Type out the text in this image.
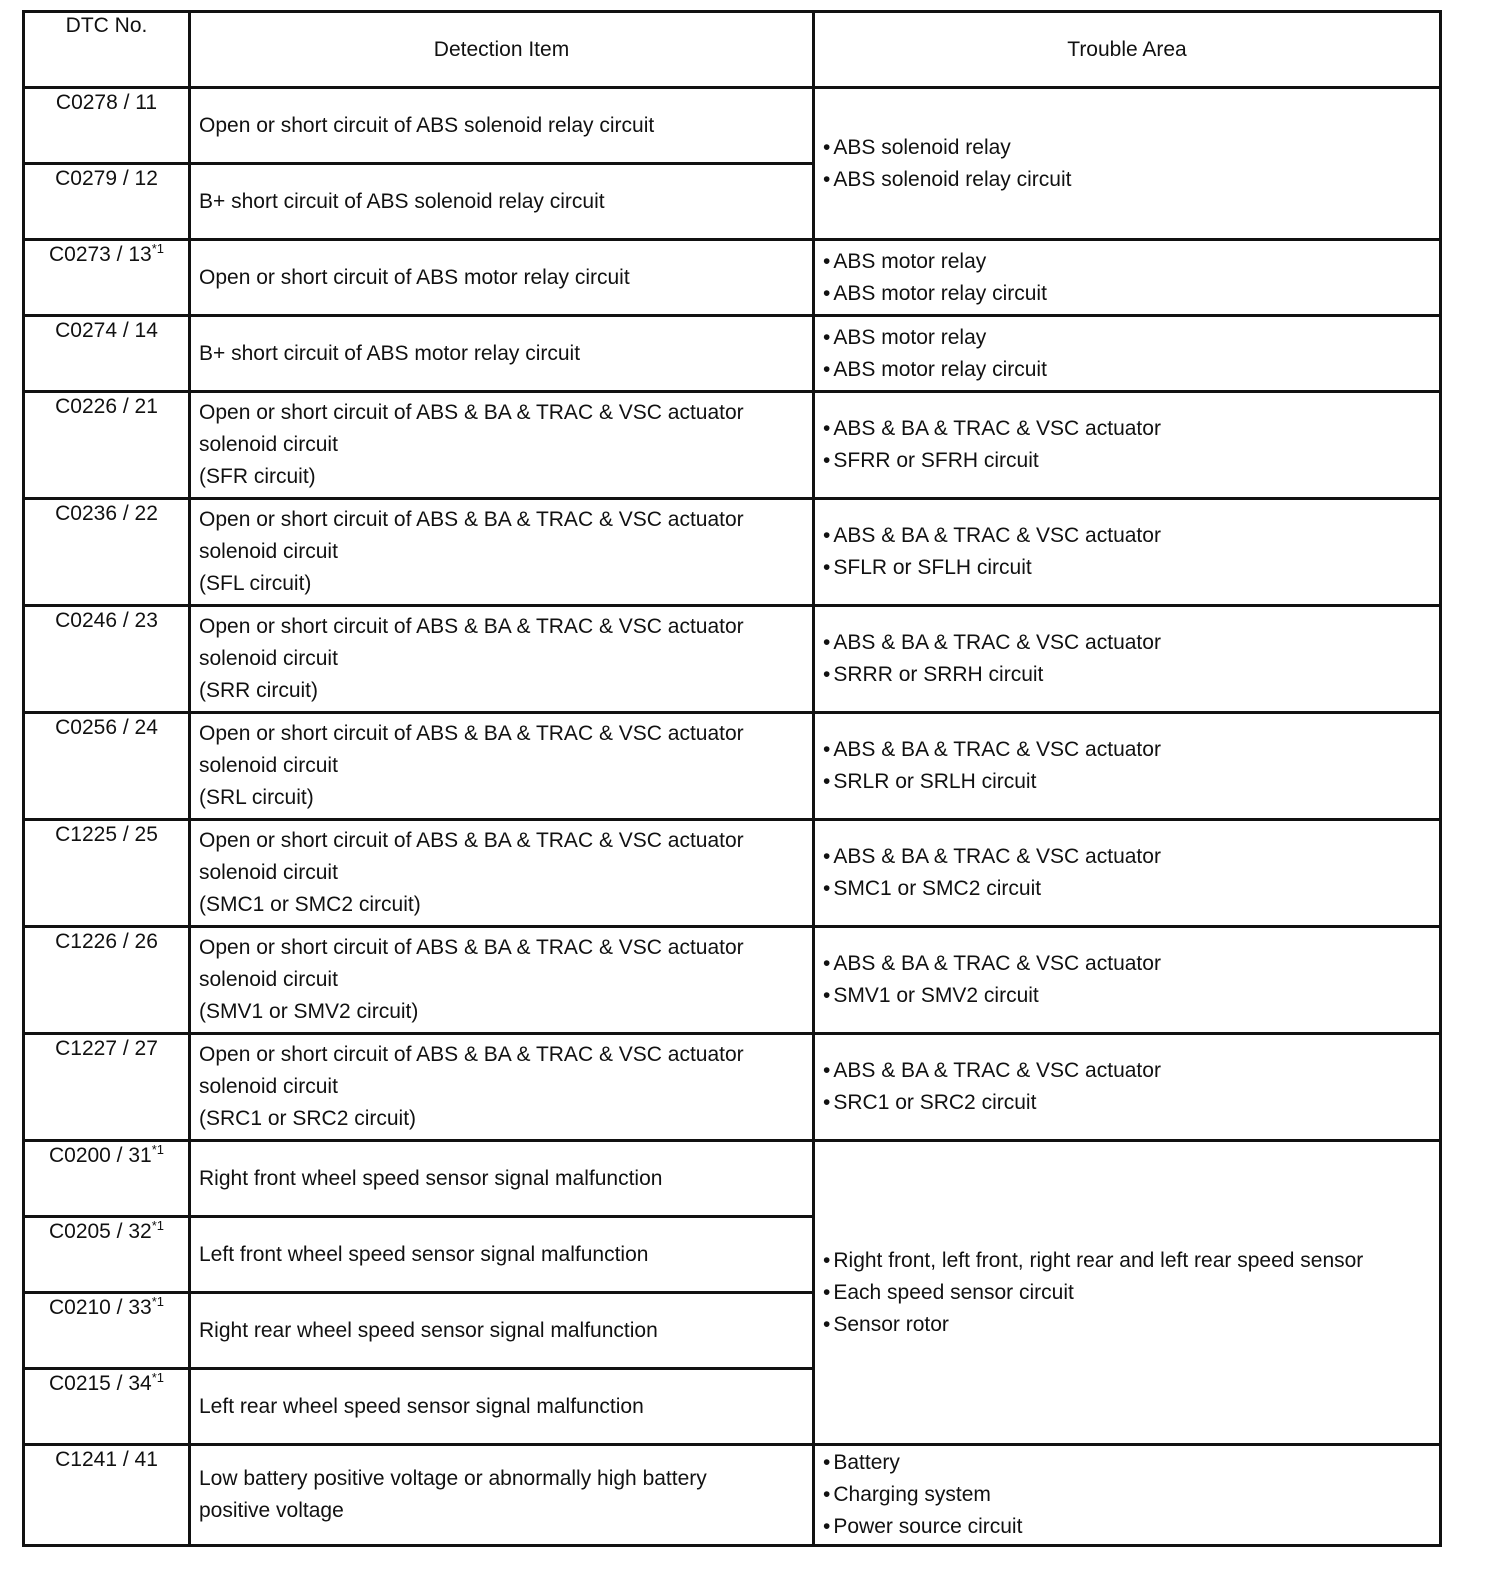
DTC No.	Detection Item	Trouble Area
C0278 / 11	Open or short circuit of ABS solenoid relay circuit	• ABS solenoid relay
• ABS solenoid relay circuit

C0279 / 12	B+ short circuit of ABS solenoid relay circuit	

C0273 / 13$^{*1}$	Open or short circuit of ABS motor relay circuit	• ABS motor relay
• ABS motor relay circuit

C0274 / 14	B+ short circuit of ABS motor relay circuit	• ABS motor relay
• ABS motor relay circuit

C0226 / 21	Open or short circuit of ABS & BA & TRAC & VSC actuator
solenoid circuit
(SFR circuit)	• ABS & BA & TRAC & VSC actuator
• SFRR or SFRH circuit

C0236 / 22	Open or short circuit of ABS & BA & TRAC & VSC actuator
solenoid circuit
(SFL circuit)	• ABS & BA & TRAC & VSC actuator
• SFLR or SFLH circuit

C0246 / 23	Open or short circuit of ABS & BA & TRAC & VSC actuator
solenoid circuit
(SRR circuit)	• ABS & BA & TRAC & VSC actuator
• SRRR or SRRH circuit

C0256 / 24	Open or short circuit of ABS & BA & TRAC & VSC actuator
solenoid circuit
(SRL circuit)	• ABS & BA & TRAC & VSC actuator
• SRLR or SRLH circuit

C1225 / 25	Open or short circuit of ABS & BA & TRAC & VSC actuator
solenoid circuit
(SMC1 or SMC2 circuit)	• ABS & BA & TRAC & VSC actuator
• SMC1 or SMC2 circuit

C1226 / 26	Open or short circuit of ABS & BA & TRAC & VSC actuator
solenoid circuit
(SMV1 or SMV2 circuit)	• ABS & BA & TRAC & VSC actuator
• SMV1 or SMV2 circuit

C1227 / 27	Open or short circuit of ABS & BA & TRAC & VSC actuator
solenoid circuit
(SRC1 or SRC2 circuit)	• ABS & BA & TRAC & VSC actuator
• SRC1 or SRC2 circuit

C0200 / 31$^{*1}$	Right front wheel speed sensor signal malfunction	• Right front, left front, right rear and left rear speed sensor
• Each speed sensor circuit
• Sensor rotor

C0205 / 32$^{*1}$	Left front wheel speed sensor signal malfunction	

C0210 / 33$^{*1}$	Right rear wheel speed sensor signal malfunction	

C0215 / 34$^{*1}$	Left rear wheel speed sensor signal malfunction	

C1241 / 41	Low battery positive voltage or abnormally high battery
positive voltage	• Battery
• Charging system
• Power source circuit
